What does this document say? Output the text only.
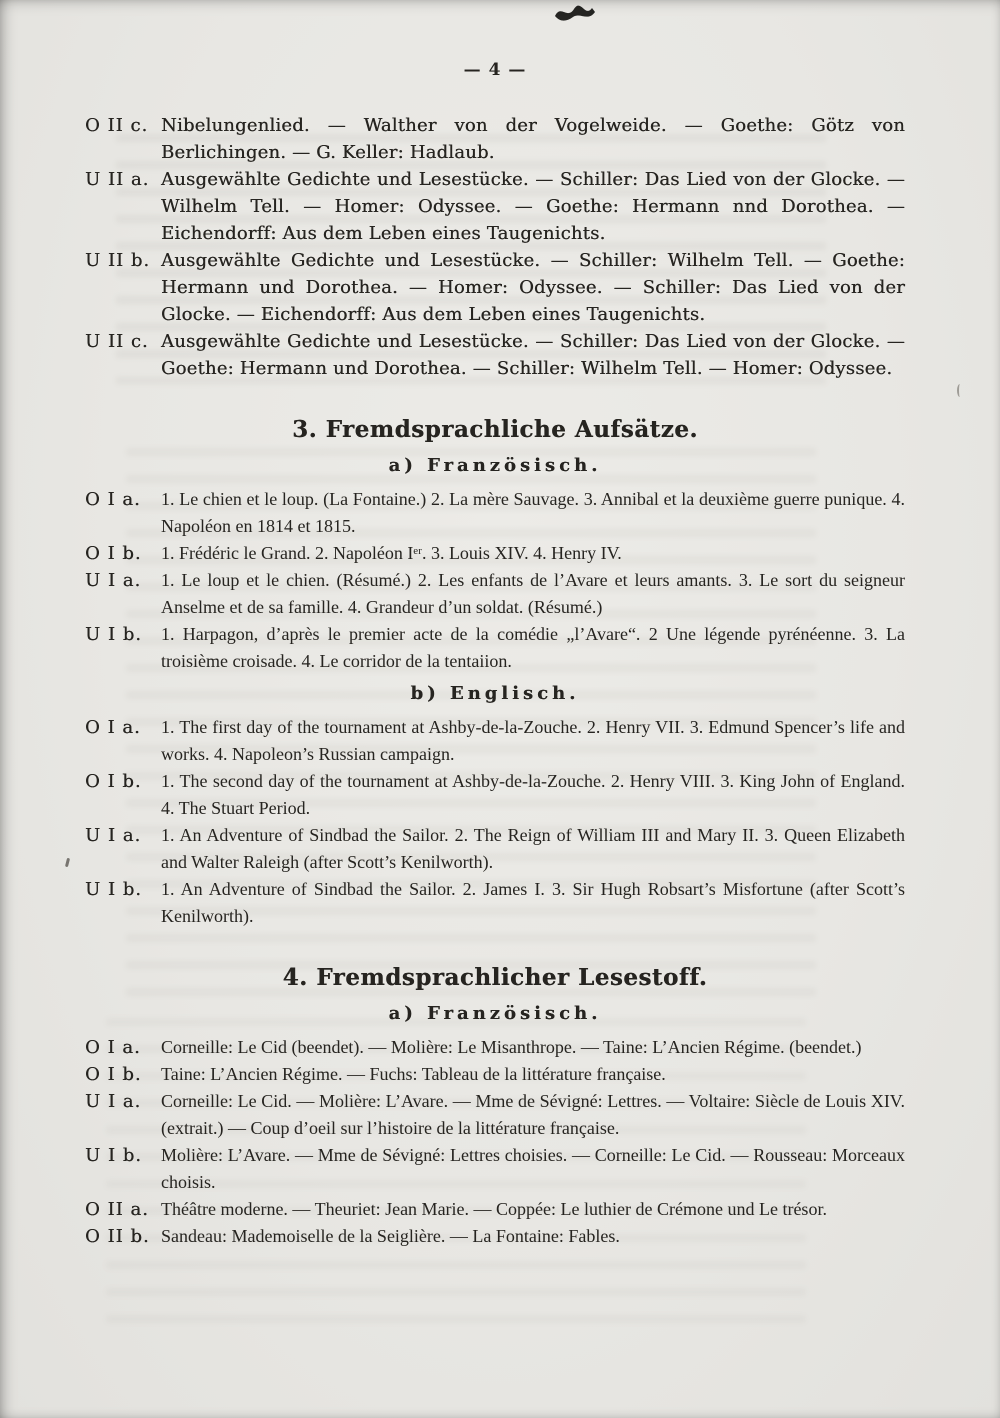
— 4 —
O II c. Nibelungenlied. — Walther von der Vogelweide. — Goethe: Götz von Berlichingen. — G. Keller: Hadlaub.
U II a. Ausgewählte Gedichte und Lesestücke. — Schiller: Das Lied von der Glocke. — Wilhelm Tell. — Homer: Odyssee. — Goethe: Hermann nnd Dorothea. — Eichendorff: Aus dem Leben eines Taugenichts.
U II b. Ausgewählte Gedichte und Lesestücke. — Schiller: Wilhelm Tell. — Goethe: Hermann und Dorothea. — Homer: Odyssee. — Schiller: Das Lied von der Glocke. — Eichendorff: Aus dem Leben eines Taugenichts.
U II c. Ausgewählte Gedichte und Lesestücke. — Schiller: Das Lied von der Glocke. — Goethe: Hermann und Dorothea. — Schiller: Wilhelm Tell. — Homer: Odyssee.
3. Fremdsprachliche Aufsätze.
a) Französisch.
O I a. 1. Le chien et le loup. (La Fontaine.) 2. La mère Sauvage. 3. Annibal et la deuxième guerre punique. 4. Napoléon en 1814 et 1815.
O I b. 1. Frédéric le Grand. 2. Napoléon Iᵉʳ. 3. Louis XIV. 4. Henry IV.
U I a. 1. Le loup et le chien. (Résumé.) 2. Les enfants de l’Avare et leurs amants. 3. Le sort du seigneur Anselme et de sa famille. 4. Grandeur d’un soldat. (Résumé.)
U I b. 1. Harpagon, d’après le premier acte de la comédie „l’Avare“. 2 Une légende pyrénéenne. 3. La troisième croisade. 4. Le corridor de la tentaiion.
b) Englisch.
O I a. 1. The first day of the tournament at Ashby-de-la-Zouche. 2. Henry VII. 3. Edmund Spencer’s life and works. 4. Napoleon’s Russian campaign.
O I b. 1. The second day of the tournament at Ashby-de-la-Zouche. 2. Henry VIII. 3. King John of England. 4. The Stuart Period.
U I a. 1. An Adventure of Sindbad the Sailor. 2. The Reign of William III and Mary II. 3. Queen Elizabeth and Walter Raleigh (after Scott’s Kenilworth).
U I b. 1. An Adventure of Sindbad the Sailor. 2. James I. 3. Sir Hugh Robsart’s Misfortune (after Scott’s Kenilworth).
4. Fremdsprachlicher Lesestoff.
a) Französisch.
O I a. Corneille: Le Cid (beendet). — Molière: Le Misanthrope. — Taine: L’Ancien Régime. (beendet.)
O I b. Taine: L’Ancien Régime. — Fuchs: Tableau de la littérature française.
U I a. Corneille: Le Cid. — Molière: L’Avare. — Mme de Sévigné: Lettres. — Voltaire: Siècle de Louis XIV. (extrait.) — Coup d’oeil sur l’histoire de la littérature française.
U I b. Molière: L’Avare. — Mme de Sévigné: Lettres choisies. — Corneille: Le Cid. — Rousseau: Morceaux choisis.
O II a. Théâtre moderne. — Theuriet: Jean Marie. — Coppée: Le luthier de Crémone und Le trésor.
O II b. Sandeau: Mademoiselle de la Seiglière. — La Fontaine: Fables.
